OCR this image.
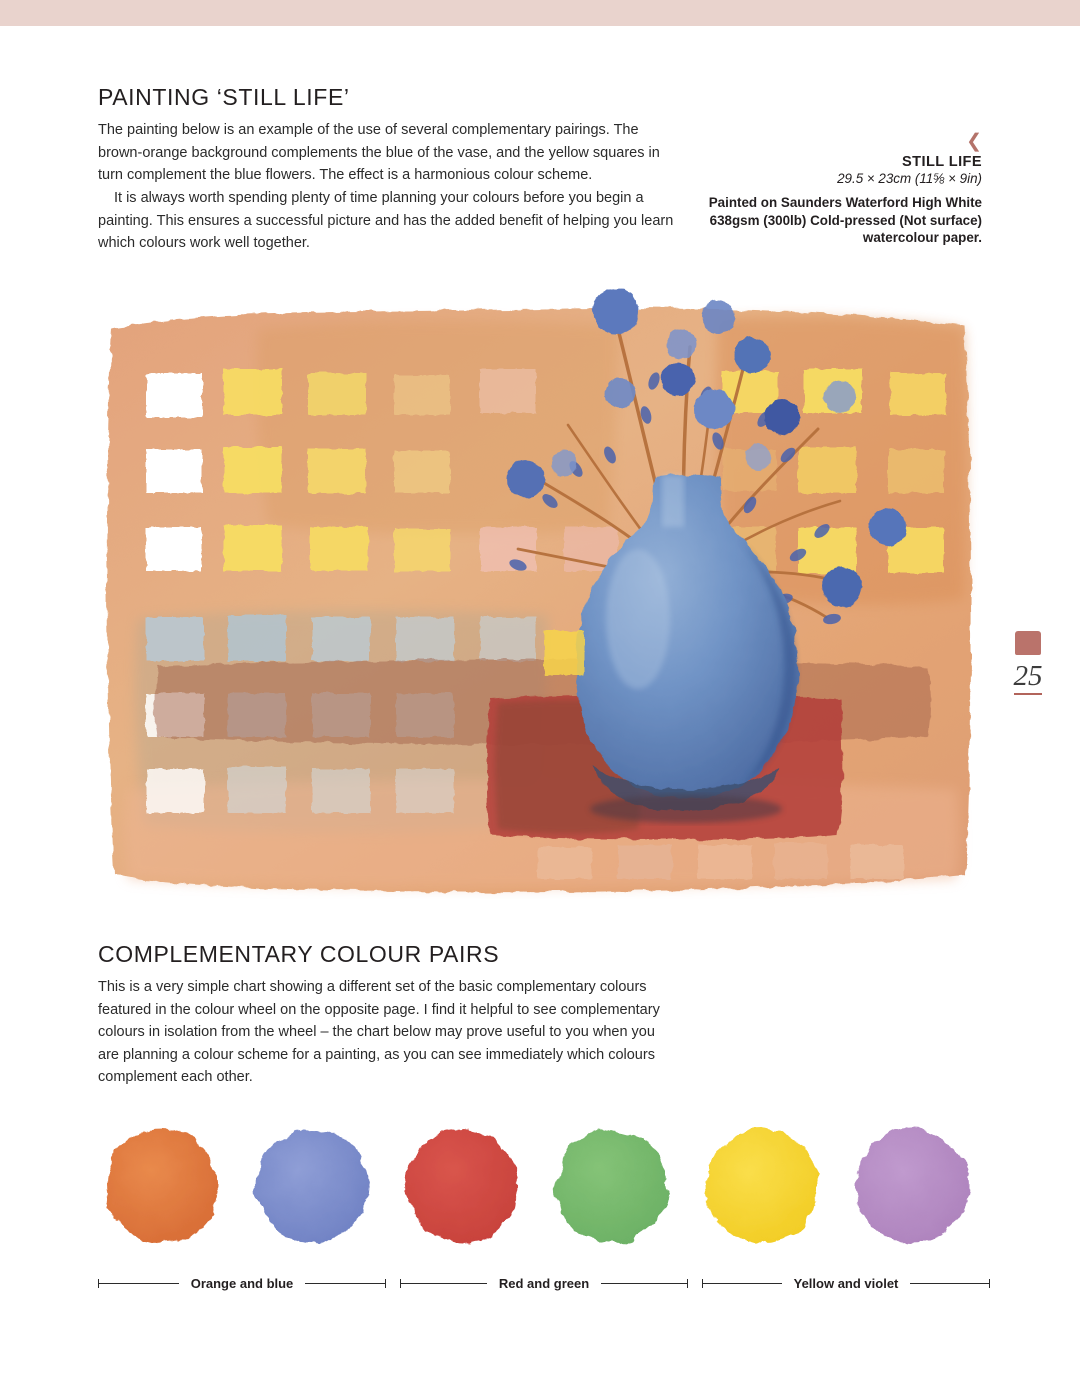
PAINTING ‘STILL LIFE’

The painting below is an example of the use of several complementary pairings. The brown-orange background complements the blue of the vase, and the yellow squares in turn complement the blue flowers. The effect is a harmonious colour scheme.

It is always worth spending plenty of time planning your colours before you begin a painting. This ensures a successful picture and has the added benefit of helping you learn which colours work well together.

❮
STILL LIFE
29.5 × 23cm (11⅝ × 9in)
Painted on Saunders Waterford High White 638gsm (300lb) Cold-pressed (Not surface) watercolour paper.
25
COMPLEMENTARY COLOUR PAIRS

This is a very simple chart showing a different set of the basic complementary colours featured in the colour wheel on the opposite page. I find it helpful to see complementary colours in isolation from the wheel – the chart below may prove useful to you when you are planning a colour scheme for a painting, as you can see immediately which colours complement each other.

Orange and blue	Red and green	Yellow and violet
